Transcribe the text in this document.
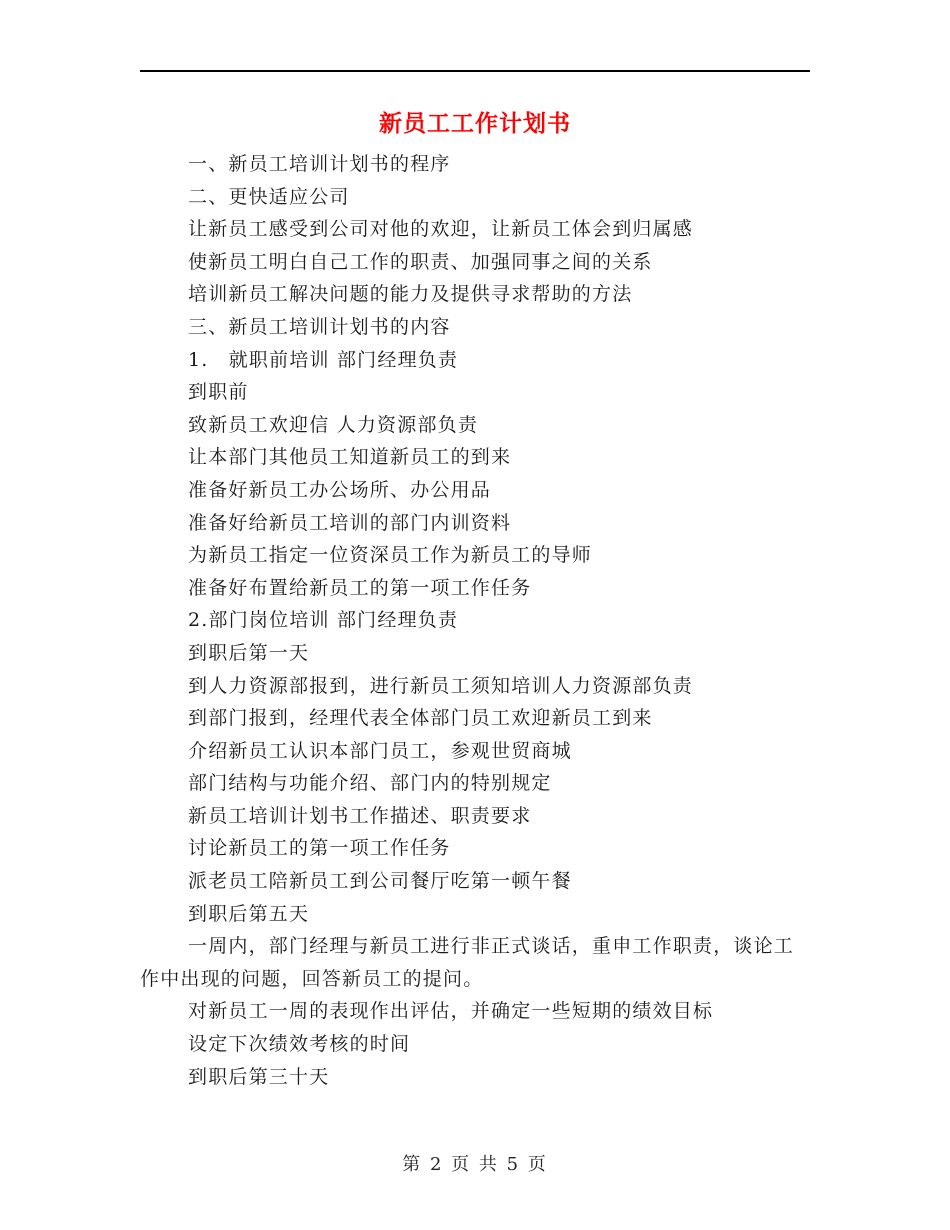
新员工工作计划书

一、新员工培训计划书的程序

二、更快适应公司

让新员工感受到公司对他的欢迎，让新员工体会到归属感

使新员工明白自己工作的职责、加强同事之间的关系

培训新员工解决问题的能力及提供寻求帮助的方法

三、新员工培训计划书的内容

1.　就职前培训 部门经理负责

到职前

致新员工欢迎信 人力资源部负责

让本部门其他员工知道新员工的到来

准备好新员工办公场所、办公用品

准备好给新员工培训的部门内训资料

为新员工指定一位资深员工作为新员工的导师

准备好布置给新员工的第一项工作任务

2.部门岗位培训 部门经理负责

到职后第一天

到人力资源部报到，进行新员工须知培训人力资源部负责

到部门报到，经理代表全体部门员工欢迎新员工到来

介绍新员工认识本部门员工，参观世贸商城

部门结构与功能介绍、部门内的特别规定

新员工培训计划书工作描述、职责要求

讨论新员工的第一项工作任务

派老员工陪新员工到公司餐厅吃第一顿午餐

到职后第五天

一周内，部门经理与新员工进行非正式谈话，重申工作职责，谈论工作中出现的问题，回答新员工的提问。

对新员工一周的表现作出评估，并确定一些短期的绩效目标

设定下次绩效考核的时间

到职后第三十天

第 2 页 共 5 页
